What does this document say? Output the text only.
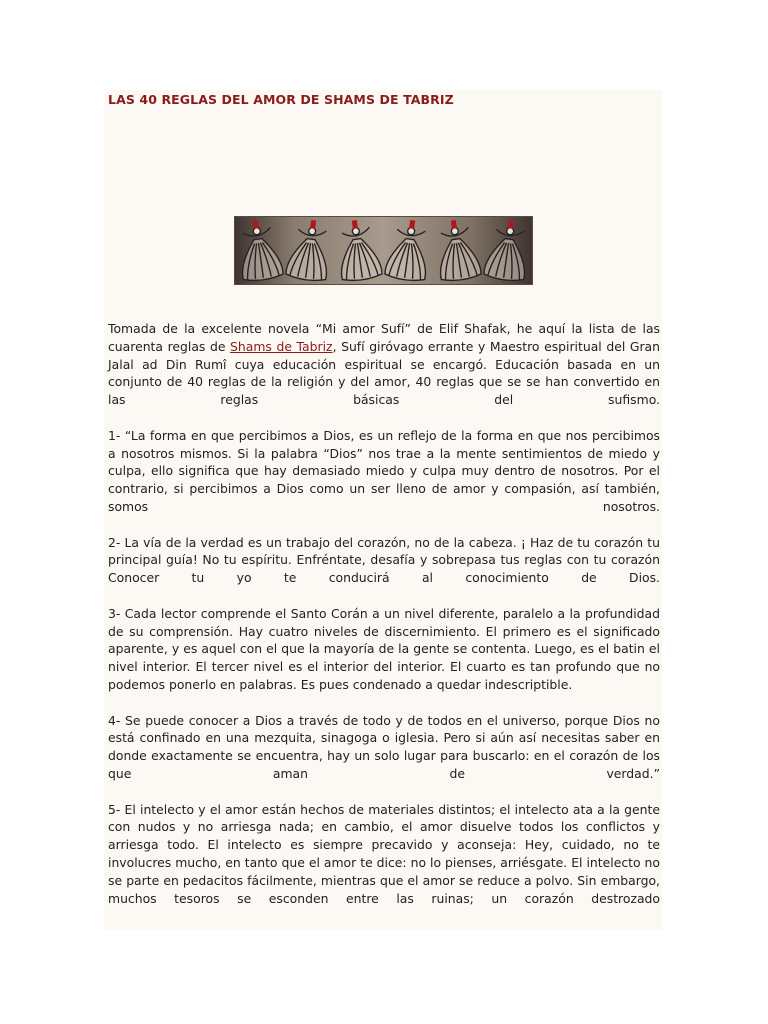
LAS 40 REGLAS DEL AMOR DE SHAMS DE TABRIZ

Tomada de la excelente novela “Mi amor Sufí” de Elif Shafak, he aquí la lista de las cuarenta reglas de Shams de Tabriz, Sufí giróvago errante y Maestro espiritual del Gran Jalal ad Din Rumî cuya educación espiritual se encargó. Educación basada en un conjunto de 40 reglas de la religión y del amor, 40 reglas que se se han convertido en las reglas básicas del sufismo.

1- “La forma en que percibimos a Dios, es un reflejo de la forma en que nos percibimos a nosotros mismos. Si la palabra “Dios” nos trae a la mente sentimientos de miedo y culpa, ello significa que hay demasiado miedo y culpa muy dentro de nosotros. Por el contrario, si percibimos a Dios como un ser lleno de amor y compasión, así también, somos nosotros.

2- La vía de la verdad es un trabajo del corazón, no de la cabeza. ¡ Haz de tu corazón tu principal guía! No tu espíritu. Enfréntate, desafía y sobrepasa tus reglas con tu corazón Conocer tu yo te conducirá al conocimiento de Dios.

3- Cada lector comprende el Santo Corán a un nivel diferente, paralelo a la profundidad de su comprensión. Hay cuatro niveles de discernimiento. El primero es el significado aparente, y es aquel con el que la mayoría de la gente se contenta. Luego, es el batin el nivel interior. El tercer nivel es el interior del interior. El cuarto es tan profundo que no podemos ponerlo en palabras. Es pues condenado a quedar indescriptible.

4- Se puede conocer a Dios a través de todo y de todos en el universo, porque Dios no está confinado en una mezquita, sinagoga o iglesia. Pero si aún así necesitas saber en donde exactamente se encuentra, hay un solo lugar para buscarlo: en el corazón de los que aman de verdad.”

5- El intelecto y el amor están hechos de materiales distintos; el intelecto ata a la gente con nudos y no arriesga nada; en cambio, el amor disuelve todos los conflictos y arriesga todo. El intelecto es siempre precavido y aconseja: Hey, cuidado, no te involucres mucho, en tanto que el amor te dice: no lo pienses, arriésgate. El intelecto no se parte en pedacitos fácilmente, mientras que el amor se reduce a polvo. Sin embargo, muchos tesoros se esconden entre las ruinas; un corazón destrozado
